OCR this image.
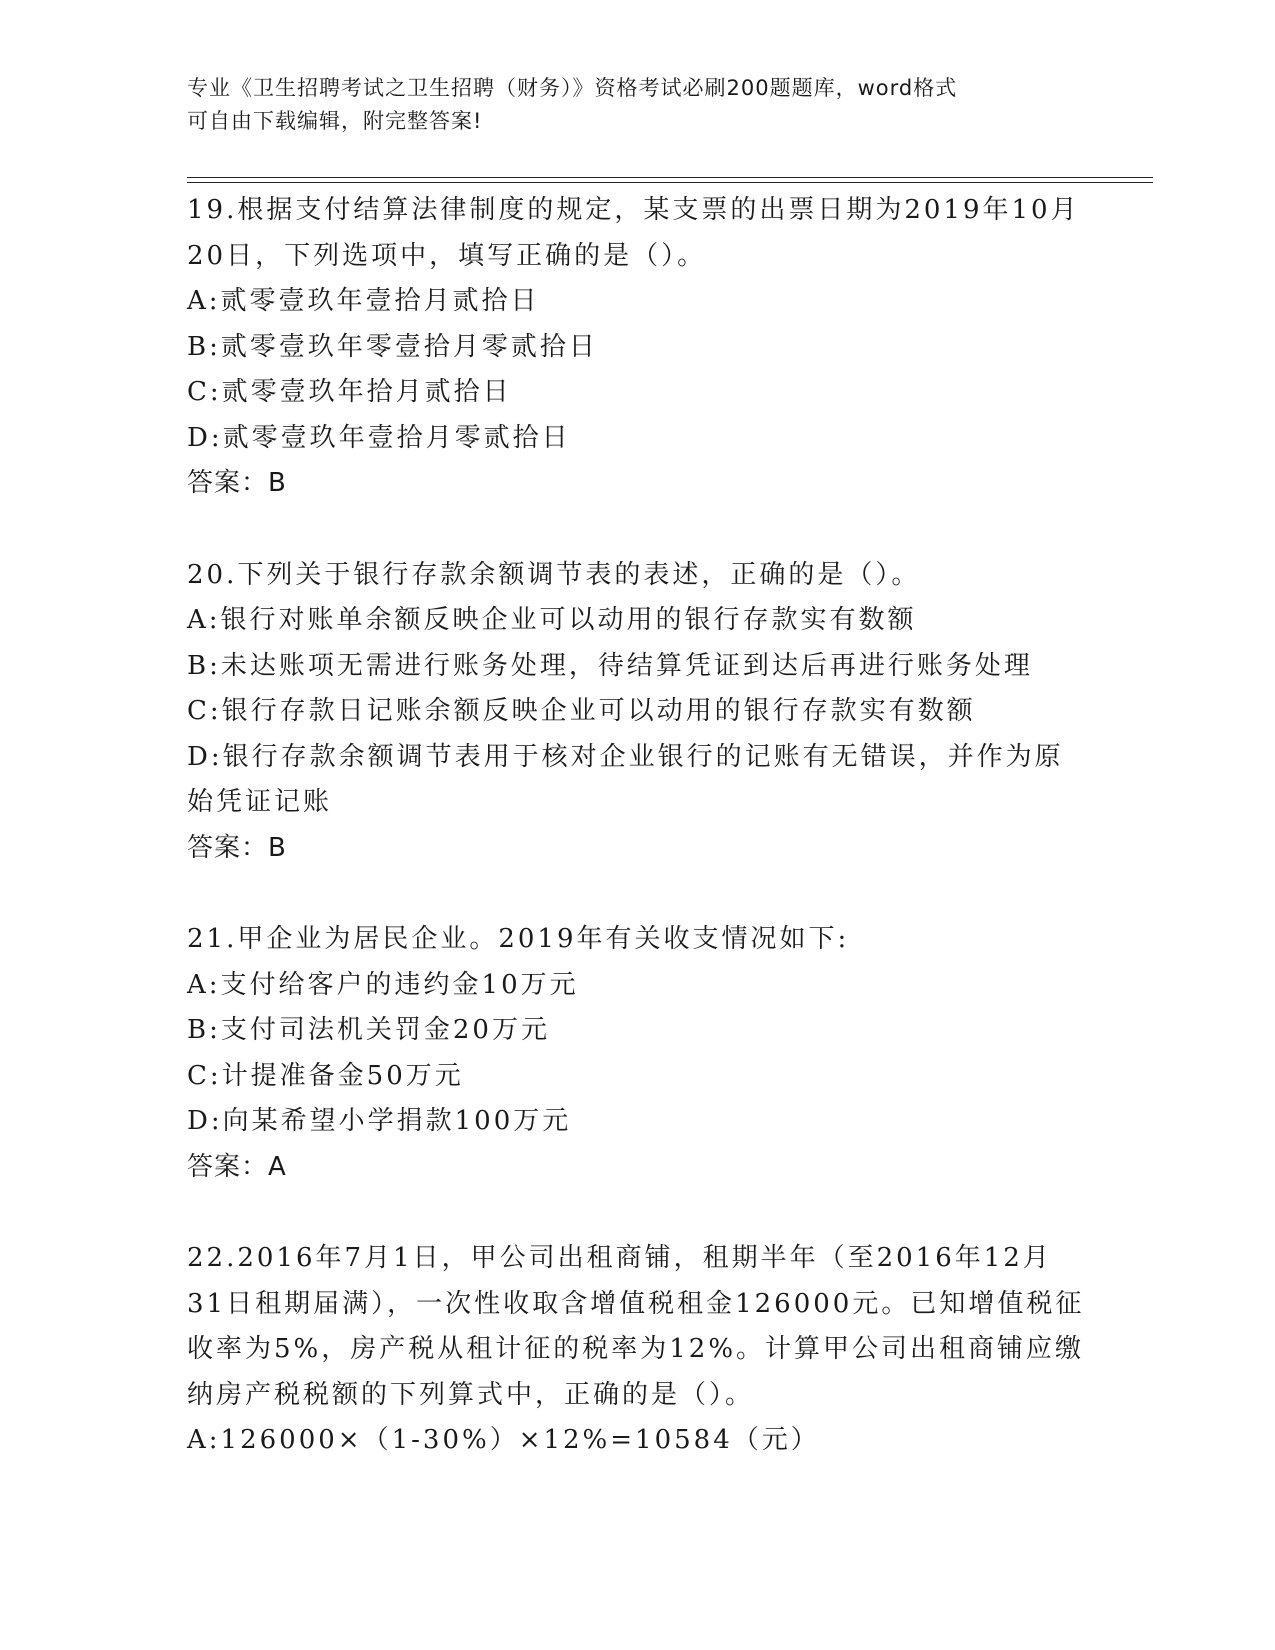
专业《卫生招聘考试之卫生招聘（财务）》资格考试必刷200题题库，word格式
可自由下载编辑，附完整答案!
19.根据支付结算法律制度的规定，某支票的出票日期为2019年10月
20日，下列选项中，填写正确的是（）。
A:贰零壹玖年壹拾月贰拾日
B:贰零壹玖年零壹拾月零贰拾日
C:贰零壹玖年拾月贰拾日
D:贰零壹玖年壹拾月零贰拾日
答案：B
20.下列关于银行存款余额调节表的表述，正确的是（）。
A:银行对账单余额反映企业可以动用的银行存款实有数额
B:未达账项无需进行账务处理，待结算凭证到达后再进行账务处理
C:银行存款日记账余额反映企业可以动用的银行存款实有数额
D:银行存款余额调节表用于核对企业银行的记账有无错误，并作为原
始凭证记账
答案：B
21.甲企业为居民企业。2019年有关收支情况如下:
A:支付给客户的违约金10万元
B:支付司法机关罚金20万元
C:计提准备金50万元
D:向某希望小学捐款100万元
答案：A
22.2016年7月1日，甲公司出租商铺，租期半年（至2016年12月
31日租期届满），一次性收取含增值税租金126000元。已知增值税征
收率为5%，房产税从租计征的税率为12%。计算甲公司出租商铺应缴
纳房产税税额的下列算式中，正确的是（）。
A:126000×（1-30%）×12%=10584（元）
